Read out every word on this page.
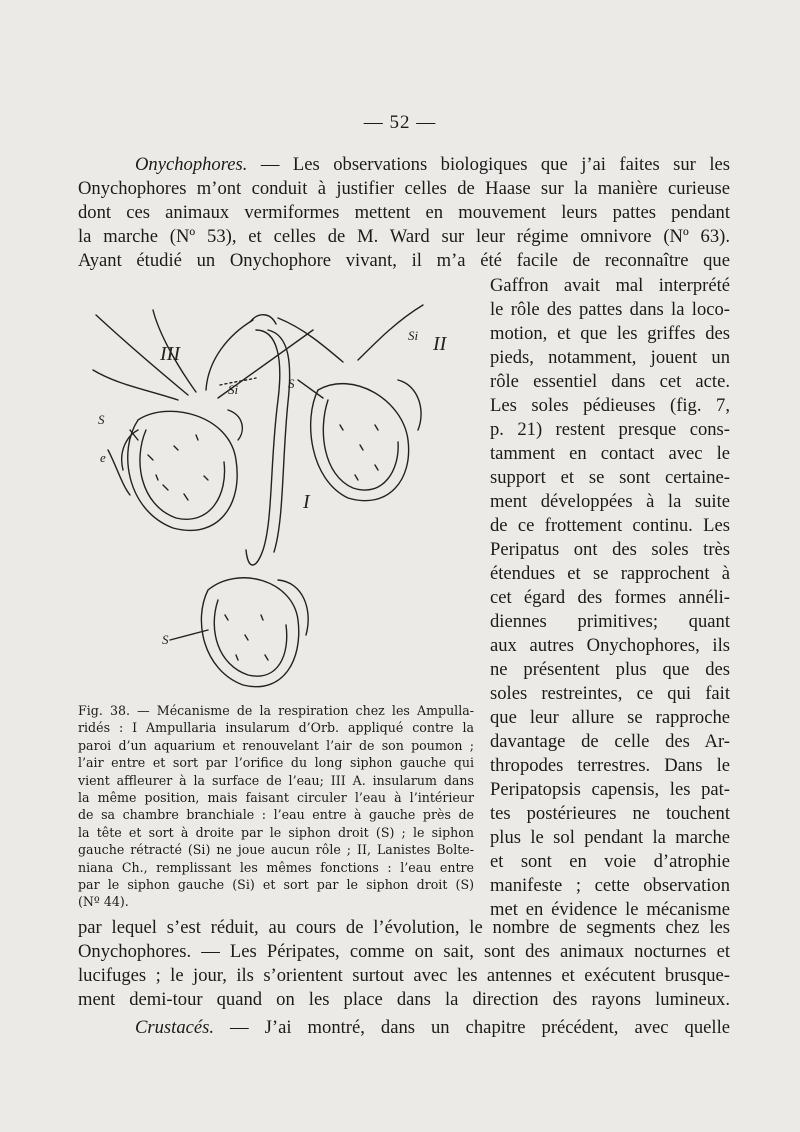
— 52 —
Onychophores. — Les observations biologiques que j’ai faites sur les
Onychophores m’ont conduit à justifier celles de Haase sur la manière curieuse
dont ces animaux vermiformes mettent en mouvement leurs pattes pendant
la marche (Nº 53), et celles de M. Ward sur leur régime omnivore (Nº 63).
Ayant étudié un Onychophore vivant, il m’a été facile de reconnaître que
Gaffron avait mal interprété
le rôle des pattes dans la loco-
motion, et que les griffes des
pieds, notamment, jouent un
rôle essentiel dans cet acte.
Les soles pédieuses (fig. 7,
p. 21) restent presque cons-
tamment en contact avec le
support et se sont certaine-
ment développées à la suite
de ce frottement continu. Les
Peripatus ont des soles très
étendues et se rapprochent à
cet égard des formes annéli-
diennes primitives; quant
aux autres Onychophores, ils
ne présentent plus que des
soles restreintes, ce qui fait
que leur allure se rapproche
davantage de celle des Ar-
thropodes terrestres. Dans le
Peripatopsis capensis, les pat-
tes postérieures ne touchent
plus le sol pendant la marche
et sont en voie d’atrophie
manifeste ; cette observation
met en évidence le mécanisme
III	II
I
S
e
Si	S
Si
S
Fig. 38. — Mécanisme de la respiration chez les Ampulla-
ridés : I Ampullaria insularum d’Orb. appliqué contre la
paroi d’un aquarium et renouvelant l’air de son poumon ;
l’air entre et sort par l’orifice du long siphon gauche qui
vient affleurer à la surface de l’eau; III A. insularum dans
la même position, mais faisant circuler l’eau à l’intérieur
de sa chambre branchiale : l’eau entre à gauche près de
la tête et sort à droite par le siphon droit (S) ; le siphon
gauche rétracté (Si) ne joue aucun rôle ; II, Lanistes Bolte-
niana Ch., remplissant les mêmes fonctions : l’eau entre
par le siphon gauche (Si) et sort par le siphon droit (S)
(Nº 44).
par lequel s’est réduit, au cours de l’évolution, le nombre de segments chez les
Onychophores. — Les Péripates, comme on sait, sont des animaux nocturnes et
lucifuges ; le jour, ils s’orientent surtout avec les antennes et exécutent brusque-
ment demi-tour quand on les place dans la direction des rayons lumineux.
Crustacés. — J’ai montré, dans un chapitre précédent, avec quelle
